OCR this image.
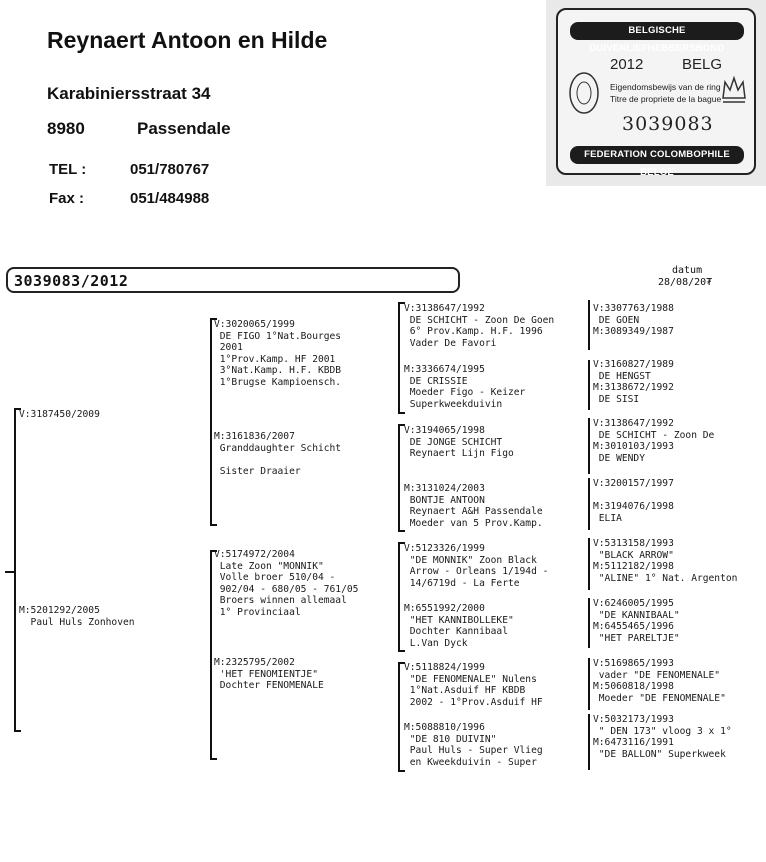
Reynaert Antoon en Hilde
Karabiniersstraat 34
8980	Passendale
TEL :	051/780767
Fax :	051/484988
BELGISCHE DUIVENLIEFHEBBERSBOND
2012	BELG
Eigendomsbewijs van de ring
Titre de propriete de la bague
3039083
FEDERATION COLOMBOPHILE BELGE
3039083/2012
datum
28/08/20₮
V:3187450/2009
M:5201292/2005
Paul Huls Zonhoven
V:3020065/1999
DE FIGO 1°Nat.Bourges
2001
1°Prov.Kamp. HF 2001
3°Nat.Kamp. H.F. KBDB
1°Brugse Kampioensch.
M:3161836/2007
Granddaughter Schicht

Sister Draaier
V:5174972/2004
Late Zoon "MONNIK"
Volle broer 510/04 -
902/04 - 680/05 - 761/05
Broers winnen allemaal
1° Provinciaal
M:2325795/2002
'HET FENOMIENTJE"
Dochter FENOMENALE
V:3138647/1992
DE SCHICHT - Zoon De Goen
6° Prov.Kamp. H.F. 1996
Vader De Favori
M:3336674/1995
DE CRISSIE
Moeder Figo - Keizer
Superkweekduivin
V:3194065/1998
DE JONGE SCHICHT
Reynaert Lijn Figo
M:3131024/2003
BONTJE ANTOON
Reynaert A&H Passendale
Moeder van 5 Prov.Kamp.
V:5123326/1999
"DE MONNIK" Zoon Black
Arrow - Orleans 1/194d -
14/6719d - La Ferte
M:6551992/2000
"HET KANNIBOLLEKE"
Dochter Kannibaal
L.Van Dyck
V:5118824/1999
"DE FENOMENALE" Nulens
1°Nat.Asduif HF KBDB
2002 - 1°Prov.Asduif HF
M:5088810/1996
"DE 810 DUIVIN"
Paul Huls - Super Vlieg
en Kweekduivin - Super
V:3307763/1988
DE GOEN
M:3089349/1987
V:3160827/1989
DE HENGST
M:3138672/1992
DE SISI
V:3138647/1992
DE SCHICHT - Zoon De
M:3010103/1993
DE WENDY
V:3200157/1997

M:3194076/1998
ELIA
V:5313158/1993
"BLACK ARROW"
M:5112182/1998
"ALINE" 1° Nat. Argenton
V:6246005/1995
"DE KANNIBAAL"
M:6455465/1996
"HET PARELTJE"
V:5169865/1993
vader "DE FENOMENALE"
M:5060818/1998
Moeder "DE FENOMENALE"
V:5032173/1993
" DEN 173" vloog 3 x 1°
M:6473116/1991
"DE BALLON" Superkweek
